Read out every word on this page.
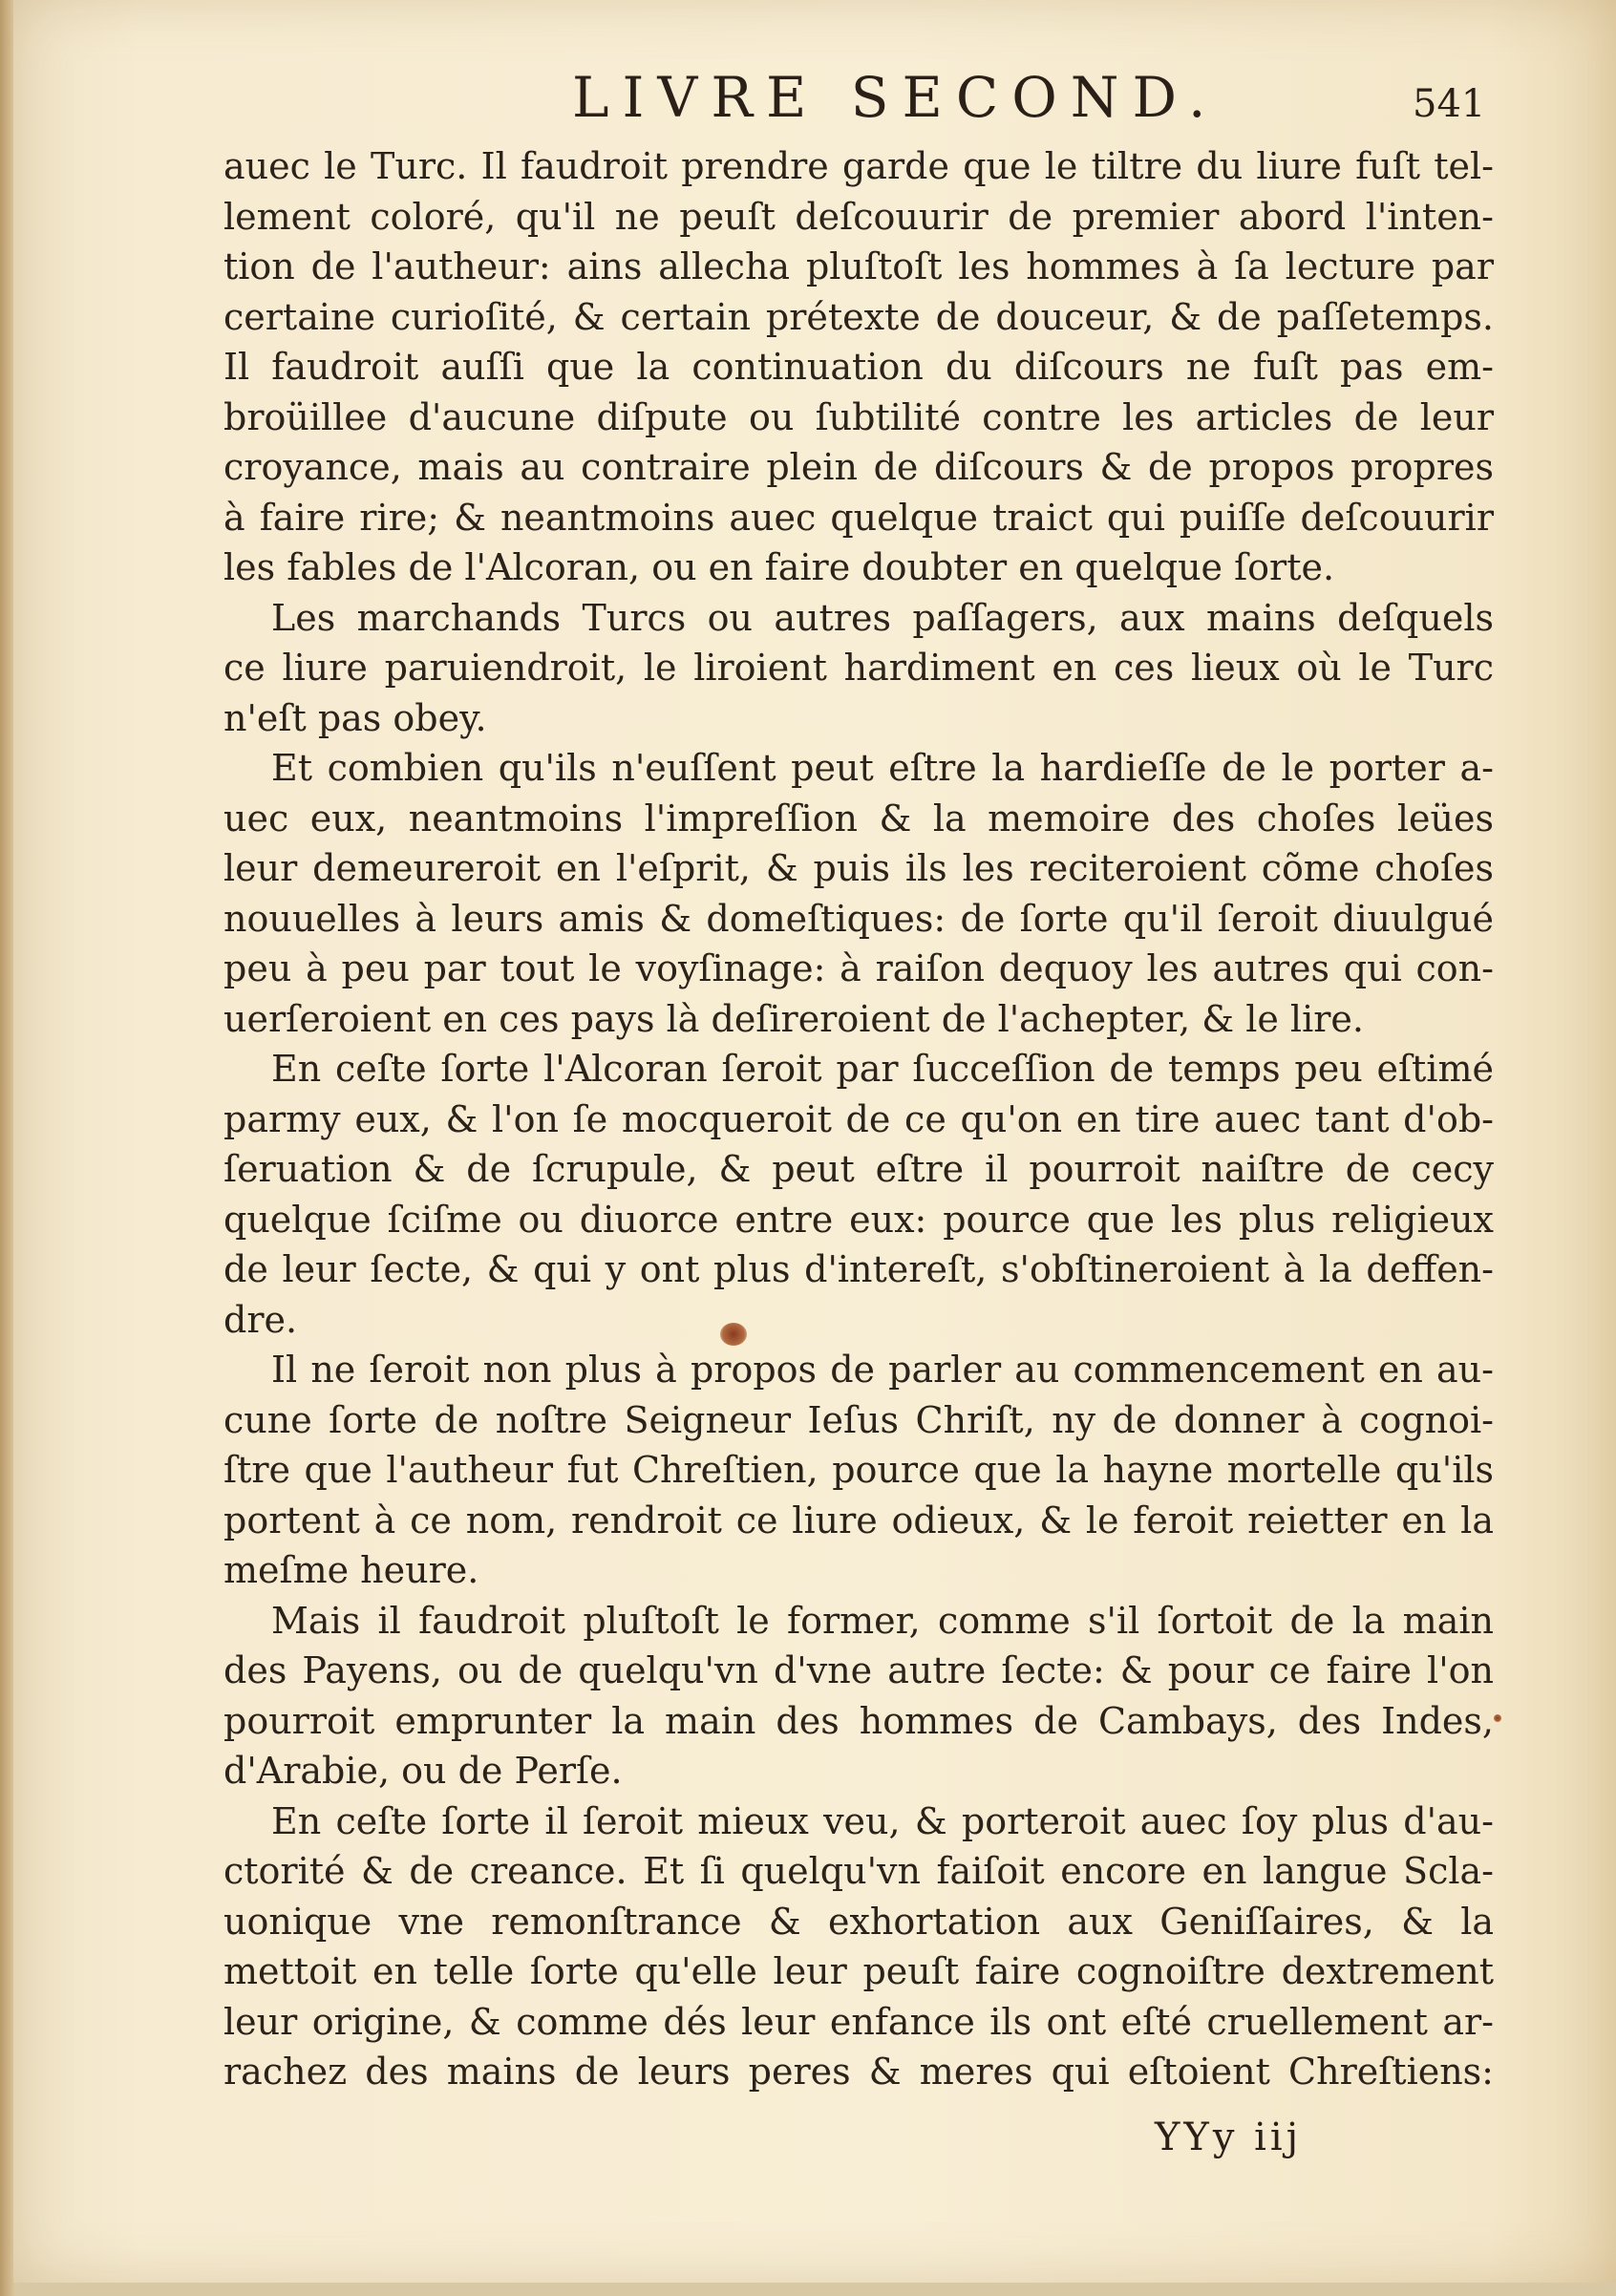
LIVRE SECOND.	541
auec le Turc. Il faudroit prendre garde que le tiltre du liure fuſt tel-
lement coloré, qu'il ne peuſt deſcouurir de premier abord l'inten-
tion de l'autheur: ains allecha pluſtoſt les hommes à ſa lecture par
certaine curioſité, & certain prétexte de douceur, & de paſſetemps.
Il faudroit auſſi que la continuation du diſcours ne fuſt pas em-
broüillee d'aucune diſpute ou ſubtilité contre les articles de leur
croyance, mais au contraire plein de diſcours & de propos propres
à faire rire; & neantmoins auec quelque traict qui puiſſe deſcouurir
les fables de l'Alcoran, ou en faire doubter en quelque ſorte.
Les marchands Turcs ou autres paſſagers, aux mains deſquels
ce liure paruiendroit, le liroient hardiment en ces lieux où le Turc
n'eſt pas obey.
Et combien qu'ils n'euſſent peut eſtre la hardieſſe de le porter a-
uec eux, neantmoins l'impreſſion & la memoire des choſes leües
leur demeureroit en l'eſprit, & puis ils les reciteroient cõme choſes
nouuelles à leurs amis & domeſtiques: de ſorte qu'il ſeroit diuulgué
peu à peu par tout le voyſinage: à raiſon dequoy les autres qui con-
uerſeroient en ces pays là deſireroient de l'achepter, & le lire.
En ceſte ſorte l'Alcoran ſeroit par ſucceſſion de temps peu eſtimé
parmy eux, & l'on ſe mocqueroit de ce qu'on en tire auec tant d'ob-
ſeruation & de ſcrupule, & peut eſtre il pourroit naiſtre de cecy
quelque ſciſme ou diuorce entre eux: pource que les plus religieux
de leur ſecte, & qui y ont plus d'intereſt, s'obſtineroient à la deffen-
dre.
Il ne ſeroit non plus à propos de parler au commencement en au-
cune ſorte de noſtre Seigneur Ieſus Chriſt, ny de donner à cognoi-
ſtre que l'autheur fut Chreſtien, pource que la hayne mortelle qu'ils
portent à ce nom, rendroit ce liure odieux, & le feroit reietter en la
meſme heure.
Mais il faudroit pluſtoſt le former, comme s'il ſortoit de la main
des Payens, ou de quelqu'vn d'vne autre ſecte: & pour ce faire l'on
pourroit emprunter la main des hommes de Cambays, des Indes,
d'Arabie, ou de Perſe.
En ceſte ſorte il ſeroit mieux veu, & porteroit auec ſoy plus d'au-
ctorité & de creance. Et ſi quelqu'vn faiſoit encore en langue Scla-
uonique vne remonſtrance & exhortation aux Geniſſaires, & la
mettoit en telle ſorte qu'elle leur peuſt faire cognoiſtre dextrement
leur origine, & comme dés leur enfance ils ont eſté cruellement ar-
rachez des mains de leurs peres & meres qui eſtoient Chreſtiens:
YYy iij
